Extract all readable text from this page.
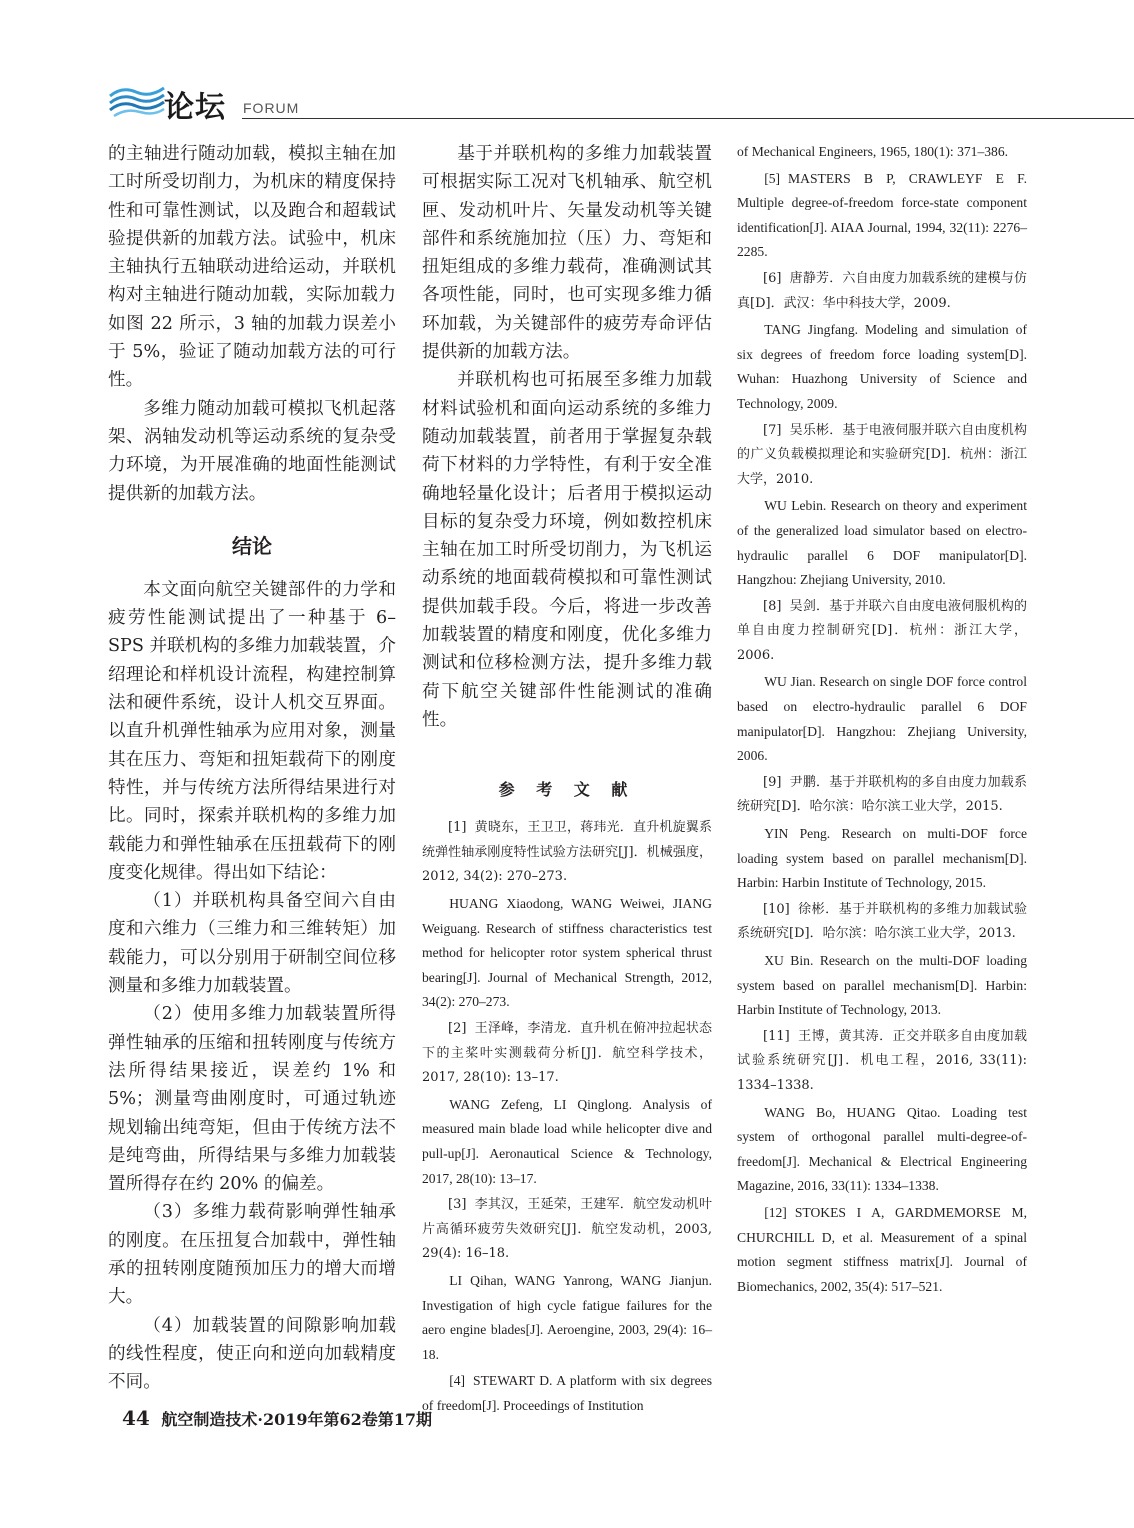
论坛 FORUM

的主轴进行随动加载，模拟主轴在加工时所受切削力，为机床的精度保持性和可靠性测试，以及跑合和超载试验提供新的加载方法。试验中，机床主轴执行五轴联动进给运动，并联机构对主轴进行随动加载，实际加载力如图 22 所示，3 轴的加载力误差小于 5%，验证了随动加载方法的可行性。

多维力随动加载可模拟飞机起落架、涡轴发动机等运动系统的复杂受力环境，为开展准确的地面性能测试提供新的加载方法。

结论

本文面向航空关键部件的力学和疲劳性能测试提出了一种基于 6–SPS 并联机构的多维力加载装置，介绍理论和样机设计流程，构建控制算法和硬件系统，设计人机交互界面。以直升机弹性轴承为应用对象，测量其在压力、弯矩和扭矩载荷下的刚度特性，并与传统方法所得结果进行对比。同时，探索并联机构的多维力加载能力和弹性轴承在压扭载荷下的刚度变化规律。得出如下结论：

（1）并联机构具备空间六自由度和六维力（三维力和三维转矩）加载能力，可以分别用于研制空间位移测量和多维力加载装置。

（2）使用多维力加载装置所得弹性轴承的压缩和扭转刚度与传统方法所得结果接近，误差约 1% 和 5%；测量弯曲刚度时，可通过轨迹规划输出纯弯矩，但由于传统方法不是纯弯曲，所得结果与多维力加载装置所得存在约 20% 的偏差。

（3）多维力载荷影响弹性轴承的刚度。在压扭复合加载中，弹性轴承的扭转刚度随预加压力的增大而增大。

（4）加载装置的间隙影响加载的线性程度，使正向和逆向加载精度不同。

基于并联机构的多维力加载装置可根据实际工况对飞机轴承、航空机匣、发动机叶片、矢量发动机等关键部件和系统施加拉（压）力、弯矩和扭矩组成的多维力载荷，准确测试其各项性能，同时，也可实现多维力循环加载，为关键部件的疲劳寿命评估提供新的加载方法。

并联机构也可拓展至多维力加载材料试验机和面向运动系统的多维力随动加载装置，前者用于掌握复杂载荷下材料的力学特性，有利于安全准确地轻量化设计；后者用于模拟运动目标的复杂受力环境，例如数控机床主轴在加工时所受切削力，为飞机运动系统的地面载荷模拟和可靠性测试提供加载手段。今后，将进一步改善加载装置的精度和刚度，优化多维力测试和位移检测方法，提升多维力载荷下航空关键部件性能测试的准确性。

参 考 文 献

[1] 黄晓东，王卫卫，蒋玮光．直升机旋翼系统弹性轴承刚度特性试验方法研究[J]．机械强度，2012, 34(2): 270–273.

HUANG Xiaodong, WANG Weiwei, JIANG Weiguang. Research of stiffness characteristics test method for helicopter rotor system spherical thrust bearing[J]. Journal of Mechanical Strength, 2012, 34(2): 270–273.

[2] 王泽峰，李清龙．直升机在俯冲拉起状态下的主桨叶实测载荷分析[J]．航空科学技术，2017, 28(10): 13–17.

WANG Zefeng, LI Qinglong. Analysis of measured main blade load while helicopter dive and pull-up[J]. Aeronautical Science & Technology, 2017, 28(10): 13–17.

[3] 李其汉，王延荣，王建军．航空发动机叶片高循环疲劳失效研究[J]．航空发动机，2003, 29(4): 16–18.

LI Qihan, WANG Yanrong, WANG Jianjun. Investigation of high cycle fatigue failures for the aero engine blades[J]. Aeroengine, 2003, 29(4): 16–18.

[4] STEWART D. A platform with six degrees of freedom[J]. Proceedings of Institution

of Mechanical Engineers, 1965, 180(1): 371–386.

[5] MASTERS B P, CRAWLEYF E F. Multiple degree-of-freedom force-state component identification[J]. AIAA Journal, 1994, 32(11): 2276–2285.

[6] 唐静芳．六自由度力加载系统的建模与仿真[D]．武汉：华中科技大学，2009.

TANG Jingfang. Modeling and simulation of six degrees of freedom force loading system[D]. Wuhan: Huazhong University of Science and Technology, 2009.

[7] 吴乐彬．基于电液伺服并联六自由度机构的广义负载模拟理论和实验研究[D]．杭州：浙江大学，2010.

WU Lebin. Research on theory and experiment of the generalized load simulator based on electro-hydraulic parallel 6 DOF manipulator[D]. Hangzhou: Zhejiang University, 2010.

[8] 吴剑．基于并联六自由度电液伺服机构的单自由度力控制研究[D]．杭州：浙江大学，2006.

WU Jian. Research on single DOF force control based on electro-hydraulic parallel 6 DOF manipulator[D]. Hangzhou: Zhejiang University, 2006.

[9] 尹鹏．基于并联机构的多自由度力加载系统研究[D]．哈尔滨：哈尔滨工业大学，2015.

YIN Peng. Research on multi-DOF force loading system based on parallel mechanism[D]. Harbin: Harbin Institute of Technology, 2015.

[10] 徐彬．基于并联机构的多维力加载试验系统研究[D]．哈尔滨：哈尔滨工业大学，2013.

XU Bin. Research on the multi-DOF loading system based on parallel mechanism[D]. Harbin: Harbin Institute of Technology, 2013.

[11] 王博，黄其涛．正交并联多自由度加载试验系统研究[J]．机电工程，2016, 33(11): 1334–1338.

WANG Bo, HUANG Qitao. Loading test system of orthogonal parallel multi-degree-of-freedom[J]. Mechanical & Electrical Engineering Magazine, 2016, 33(11): 1334–1338.

[12] STOKES I A, GARDMEMORSE M, CHURCHILL D, et al. Measurement of a spinal motion segment stiffness matrix[J]. Journal of Biomechanics, 2002, 35(4): 517–521.

44 航空制造技术·2019年第62卷第17期
